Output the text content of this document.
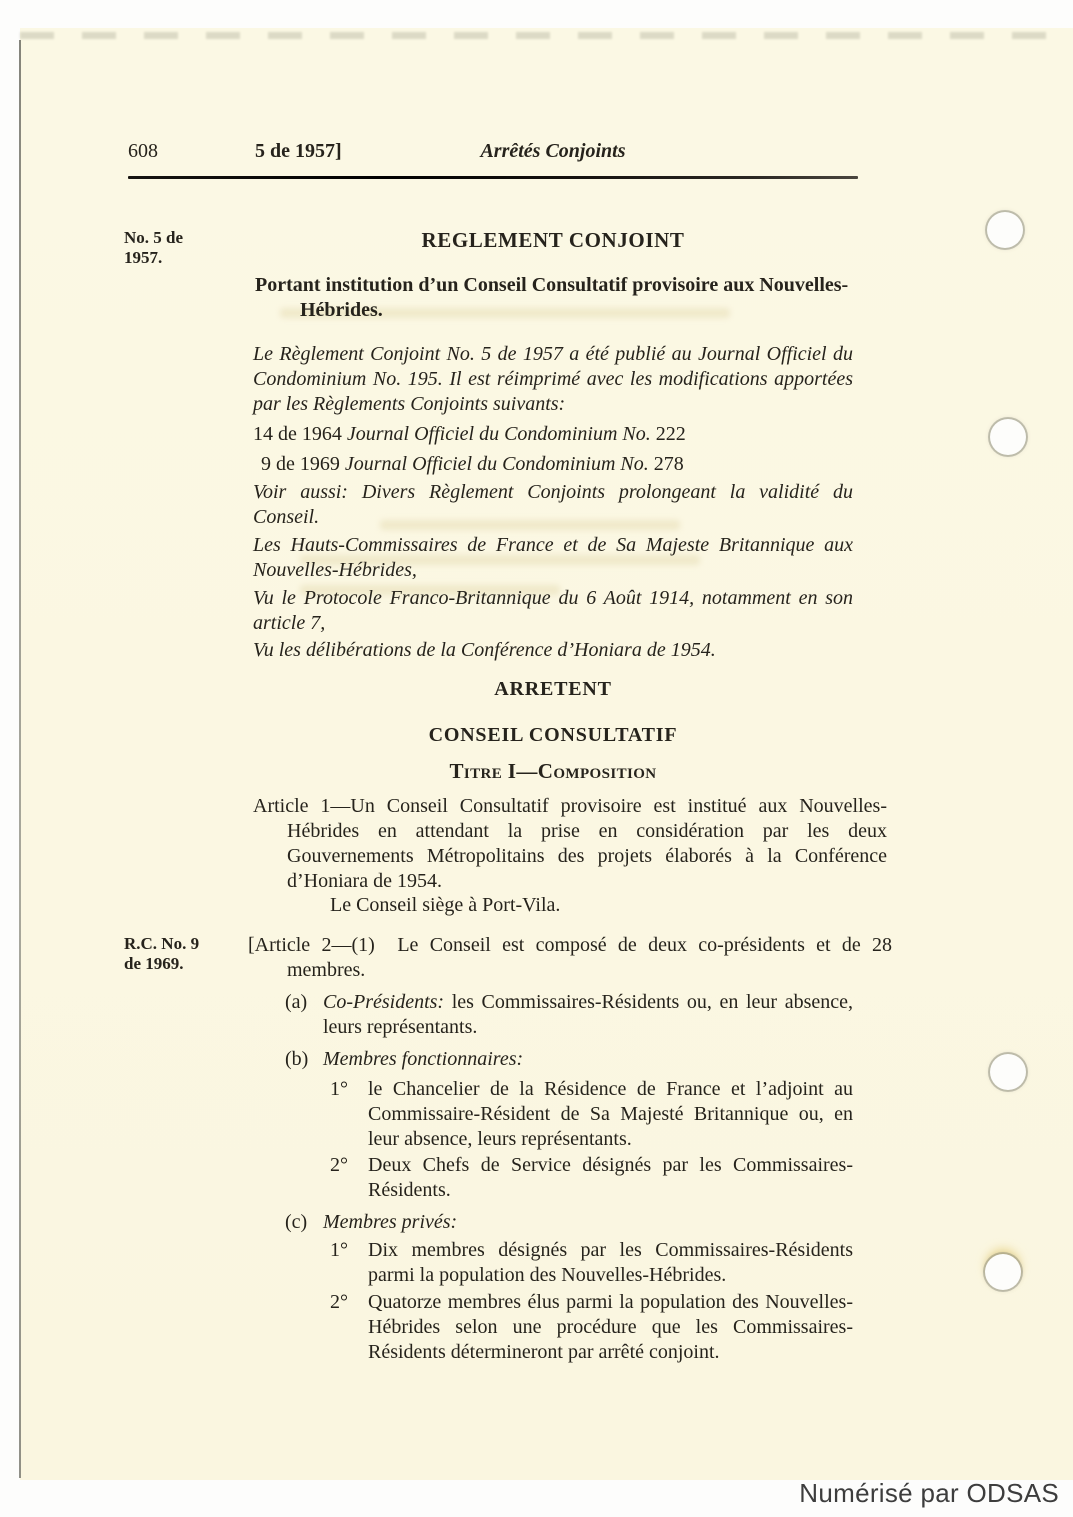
608	5 de 1957]	Arrêtés Conjoints
No. 5 de
1957.
REGLEMENT CONJOINT
Portant institution d’un Conseil Consultatif provisoire aux Nouvelles-
Hébrides.
Le Règlement Conjoint No. 5 de 1957 a été publié au Journal Officiel du Condominium No. 195. Il est réimprimé avec les modifications apportées par les Règlements Conjoints suivants:
14 de 1964 Journal Officiel du Condominium No. 222
9 de 1969 Journal Officiel du Condominium No. 278
Voir aussi: Divers Règlement Conjoints prolongeant la validité du Conseil.
Les Hauts-Commissaires de France et de Sa Majeste Britannique aux Nouvelles-Hébrides,
Vu le Protocole Franco-Britannique du 6 Août 1914, notamment en son article 7,
Vu les délibérations de la Conférence d’Honiara de 1954.
ARRETENT
CONSEIL CONSULTATIF
Titre I—Composition
Article 1—Un Conseil Consultatif provisoire est institué aux Nouvelles-Hébrides en attendant la prise en considération par les deux Gouvernements Métropolitains des projets élaborés à la Conférence d’Honiara de 1954.
Le Conseil siège à Port-Vila.
R.C. No. 9
de 1969.
[Article 2—(1)  Le Conseil est composé de deux co-présidents et de 28 membres.
(a) Co-Présidents: les Commissaires-Résidents ou, en leur absence, leurs représentants.
(b) Membres fonctionnaires:
1°	le Chancelier de la Résidence de France et l’adjoint au Commissaire-Résident de Sa Majesté Britannique ou, en leur absence, leurs représentants.
2°	Deux Chefs de Service désignés par les Commissaires-Résidents.
(c) Membres privés:
1°	Dix membres désignés par les Commissaires-Résidents parmi la population des Nouvelles-Hébrides.
2°	Quatorze membres élus parmi la population des Nouvelles-Hébrides selon une procédure que les Commissaires-Résidents détermineront par arrêté conjoint.
Numérisé par ODSAS
